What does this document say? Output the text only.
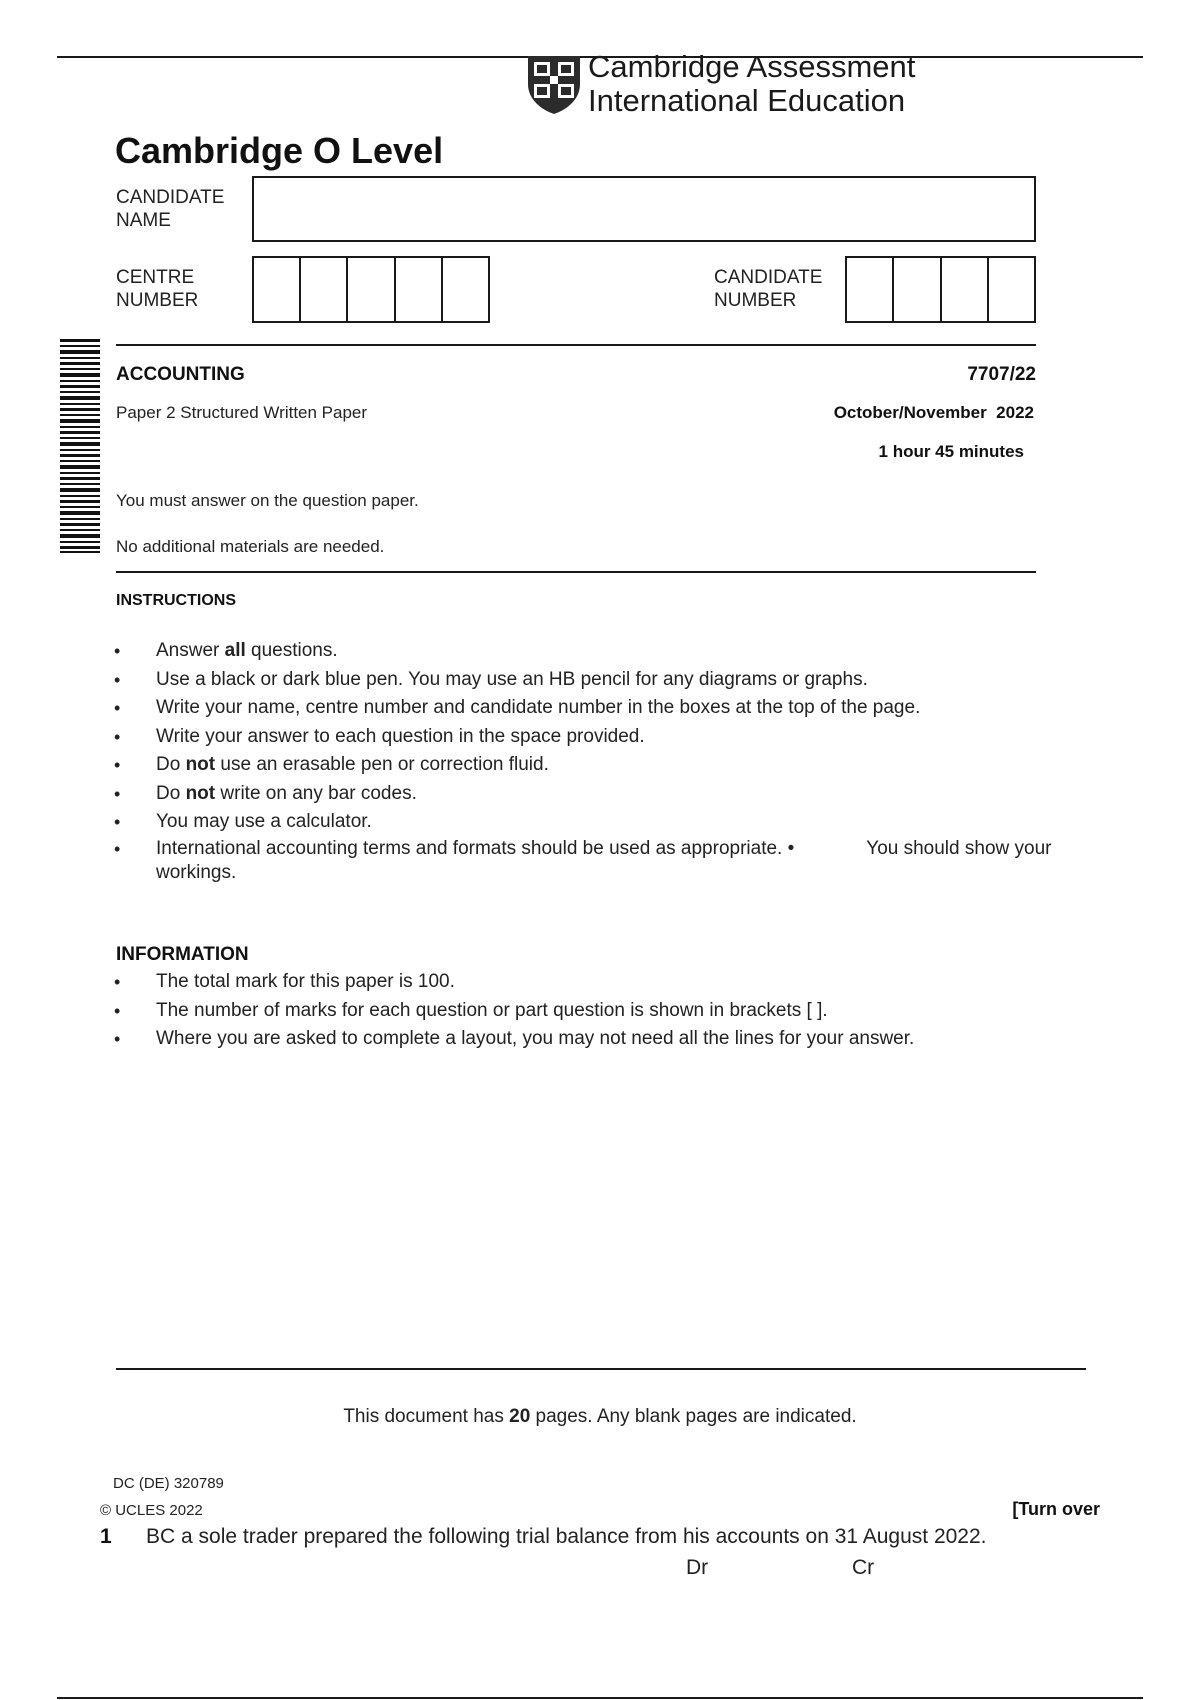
Cambridge Assessment
International Education
Cambridge O Level
CANDIDATE
NAME
CENTRE
NUMBER
CANDIDATE
NUMBER
ACCOUNTING	7707/22
Paper 2 Structured Written Paper	October/November  2022
1 hour 45 minutes
You must answer on the question paper.
No additional materials are needed.
INSTRUCTIONS
• Answer all questions.
• Use a black or dark blue pen. You may use an HB pencil for any diagrams or graphs.
• Write your name, centre number and candidate number in the boxes at the top of the page.
• Write your answer to each question in the space provided.
• Do not use an erasable pen or correction fluid.
• Do not write on any bar codes.
• You may use a calculator.
• International accounting terms and formats should be used as appropriate. •	You should show your
workings.
INFORMATION
• The total mark for this paper is 100.
• The number of marks for each question or part question is shown in brackets [ ].
• Where you are asked to complete a layout, you may not need all the lines for your answer.
This document has 20 pages. Any blank pages are indicated.
DC (DE) 320789
© UCLES 2022	[Turn over
1 BC a sole trader prepared the following trial balance from his accounts on 31 August 2022.
Dr	Cr
